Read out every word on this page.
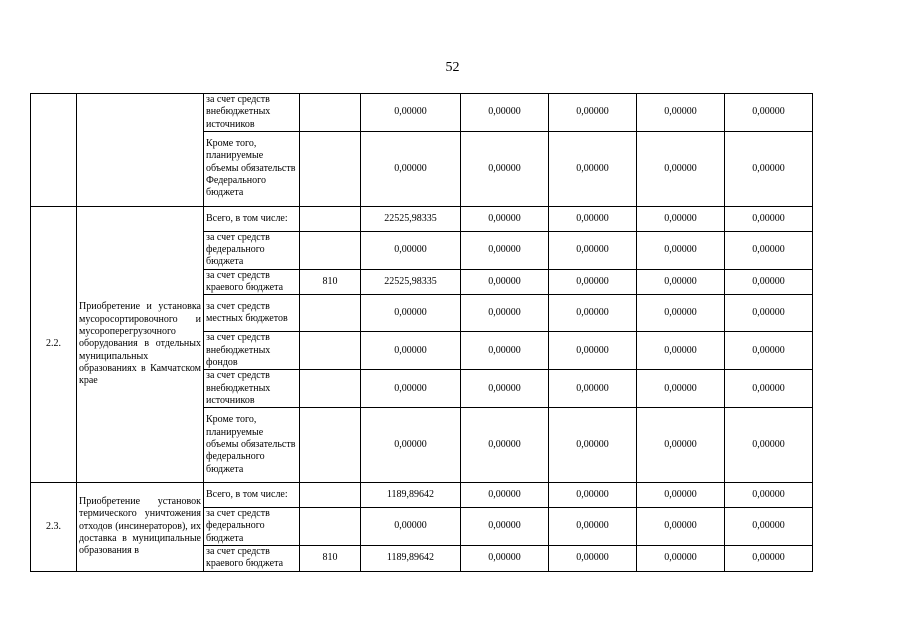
52
		за счет средств внебюджетных источников		0,00000	0,00000	0,00000	0,00000	0,00000
		Кроме того, планируемые объемы обязательств Федерального бюджета		0,00000	0,00000	0,00000	0,00000	0,00000
2.2.	Приобретение и установка мусоросортировочного и мусороперегрузочного оборудования в отдельных муниципальных образованиях в Камчатском крае	Всего, в том числе:		22525,98335	0,00000	0,00000	0,00000	0,00000
		за счет средств федерального бюджета		0,00000	0,00000	0,00000	0,00000	0,00000
		за счет средств краевого бюджета	810	22525,98335	0,00000	0,00000	0,00000	0,00000
		за счет средств местных бюджетов		0,00000	0,00000	0,00000	0,00000	0,00000
		за счет средств внебюджетных фондов		0,00000	0,00000	0,00000	0,00000	0,00000
		за счет средств внебюджетных источников		0,00000	0,00000	0,00000	0,00000	0,00000
		Кроме того, планируемые объемы обязательств федерального бюджета		0,00000	0,00000	0,00000	0,00000	0,00000
2.3.	Приобретение установок термического уничтожения отходов (инсинераторов), их доставка в муниципальные образования в	Всего, в том числе:		1189,89642	0,00000	0,00000	0,00000	0,00000
		за счет средств федерального бюджета		0,00000	0,00000	0,00000	0,00000	0,00000
		за счет средств краевого бюджета	810	1189,89642	0,00000	0,00000	0,00000	0,00000
